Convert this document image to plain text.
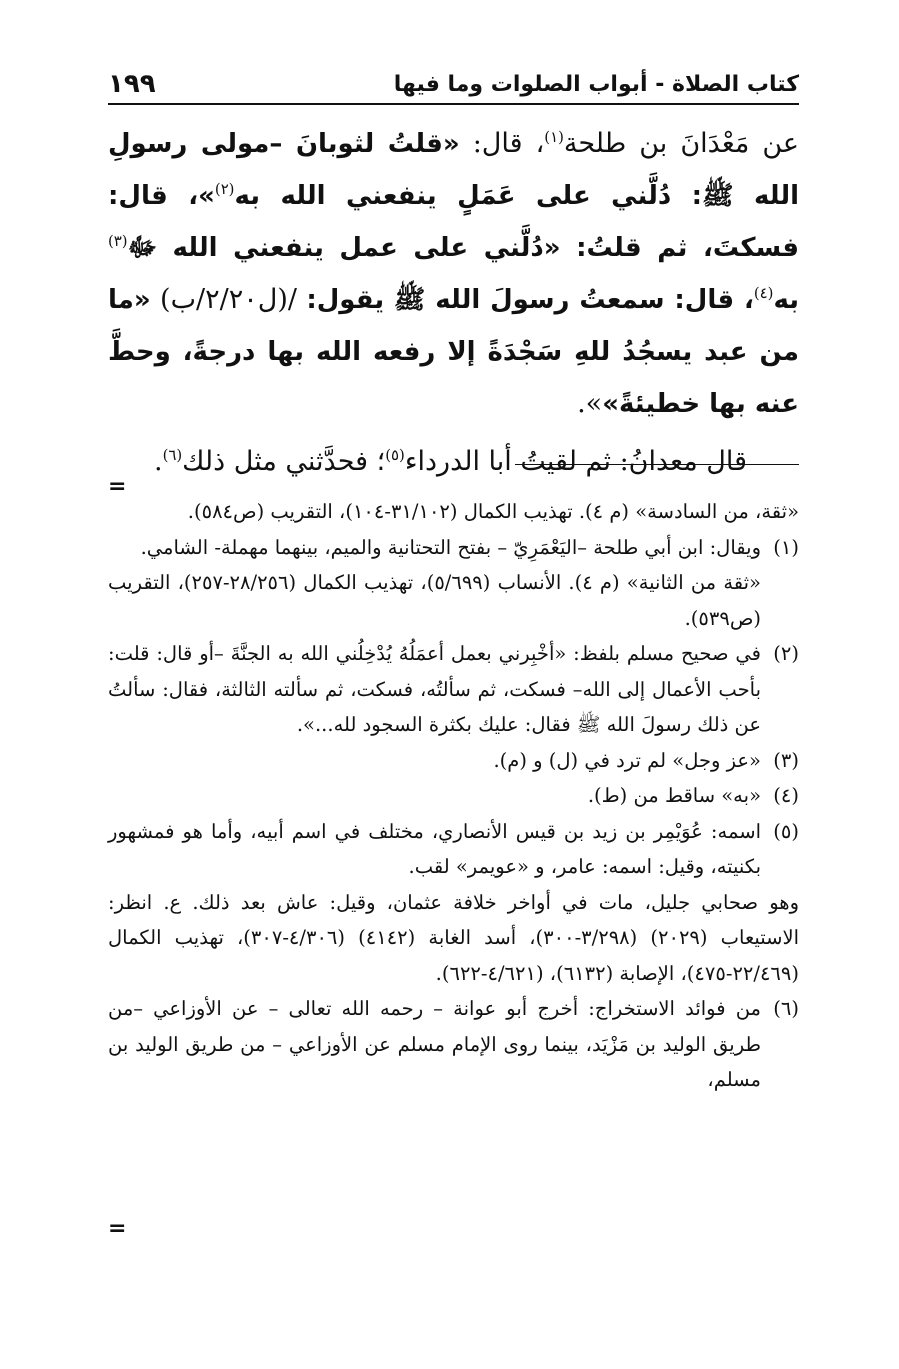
كتاب الصلاة - أبواب الصلوات وما فيها
١٩٩

عن مَعْدَانَ بن طلحة$^{(١)}$، قال: «قلتُ لثوبانَ –مولى رسولِ الله ﷺ: دُلَّني على عَمَلٍ ينفعني الله به$^{(٢)}$»، قال: فسكتَ، ثم قلتُ: «دُلَّني على عمل ينفعني الله ﷻ$^{(٣)}$ به$^{(٤)}$، قال: سمعتُ رسولَ الله ﷺ يقول: /(ل٢/٢٠/ب) «ما من عبد يسجُدُ للهِ سَجْدَةً إلا رفعه الله بها درجةً، وحطَّ عنه بها خطيئةً»».

قال معدانُ: ثم لقيتُ أبا الدرداء$^{(٥)}$؛ فحدَّثني مثل ذلك$^{(٦)}$.

=

«ثقة، من السادسة» (م ٤). تهذيب الكمال (٣١/١٠٢-١٠٤)، التقريب (ص٥٨٤).

(١)ويقال: ابن أبي طلحة –اليَعْمَرِيّ – بفتح التحتانية والميم، بينهما مهملة- الشامي.

«ثقة من الثانية» (م ٤). الأنساب (٥/٦٩٩)، تهذيب الكمال (٢٨/٢٥٦-٢٥٧)، التقريب (ص٥٣٩).

(٢)في صحيح مسلم بلفظ: «أخْبِرني بعمل أعمَلُهُ يُدْخِلُني الله به الجنَّةَ –أو قال: قلت: بأحب الأعمال إلى الله– فسكت، ثم سألتُه، فسكت، ثم سألته الثالثة، فقال: سألتُ عن ذلك رسولَ الله ﷺ فقال: عليك بكثرة السجود لله...».

(٣)«عز وجل» لم ترد في (ل) و (م).

(٤)«به» ساقط من (ط).

(٥)اسمه: عُوَيْمِر بن زيد بن قيس الأنصاري، مختلف في اسم أبيه، وأما هو فمشهور بكنيته، وقيل: اسمه: عامر، و «عويمر» لقب.

وهو صحابي جليل، مات في أواخر خلافة عثمان، وقيل: عاش بعد ذلك. ع. انظر: الاستيعاب (٢٠٢٩) (٣/٢٩٨-٣٠٠)، أسد الغابة (٤١٤٢) (٤/٣٠٦-٣٠٧)، تهذيب الكمال (٢٢/٤٦٩-٤٧٥)، الإصابة (٦١٣٢)، (٤/٦٢١-٦٢٢).

(٦)من فوائد الاستخراج: أخرج أبو عوانة – رحمه الله تعالى – عن الأوزاعي –من طريق الوليد بن مَزْيَد، بينما روى الإمام مسلم عن الأوزاعي – من طريق الوليد بن مسلم،

=
